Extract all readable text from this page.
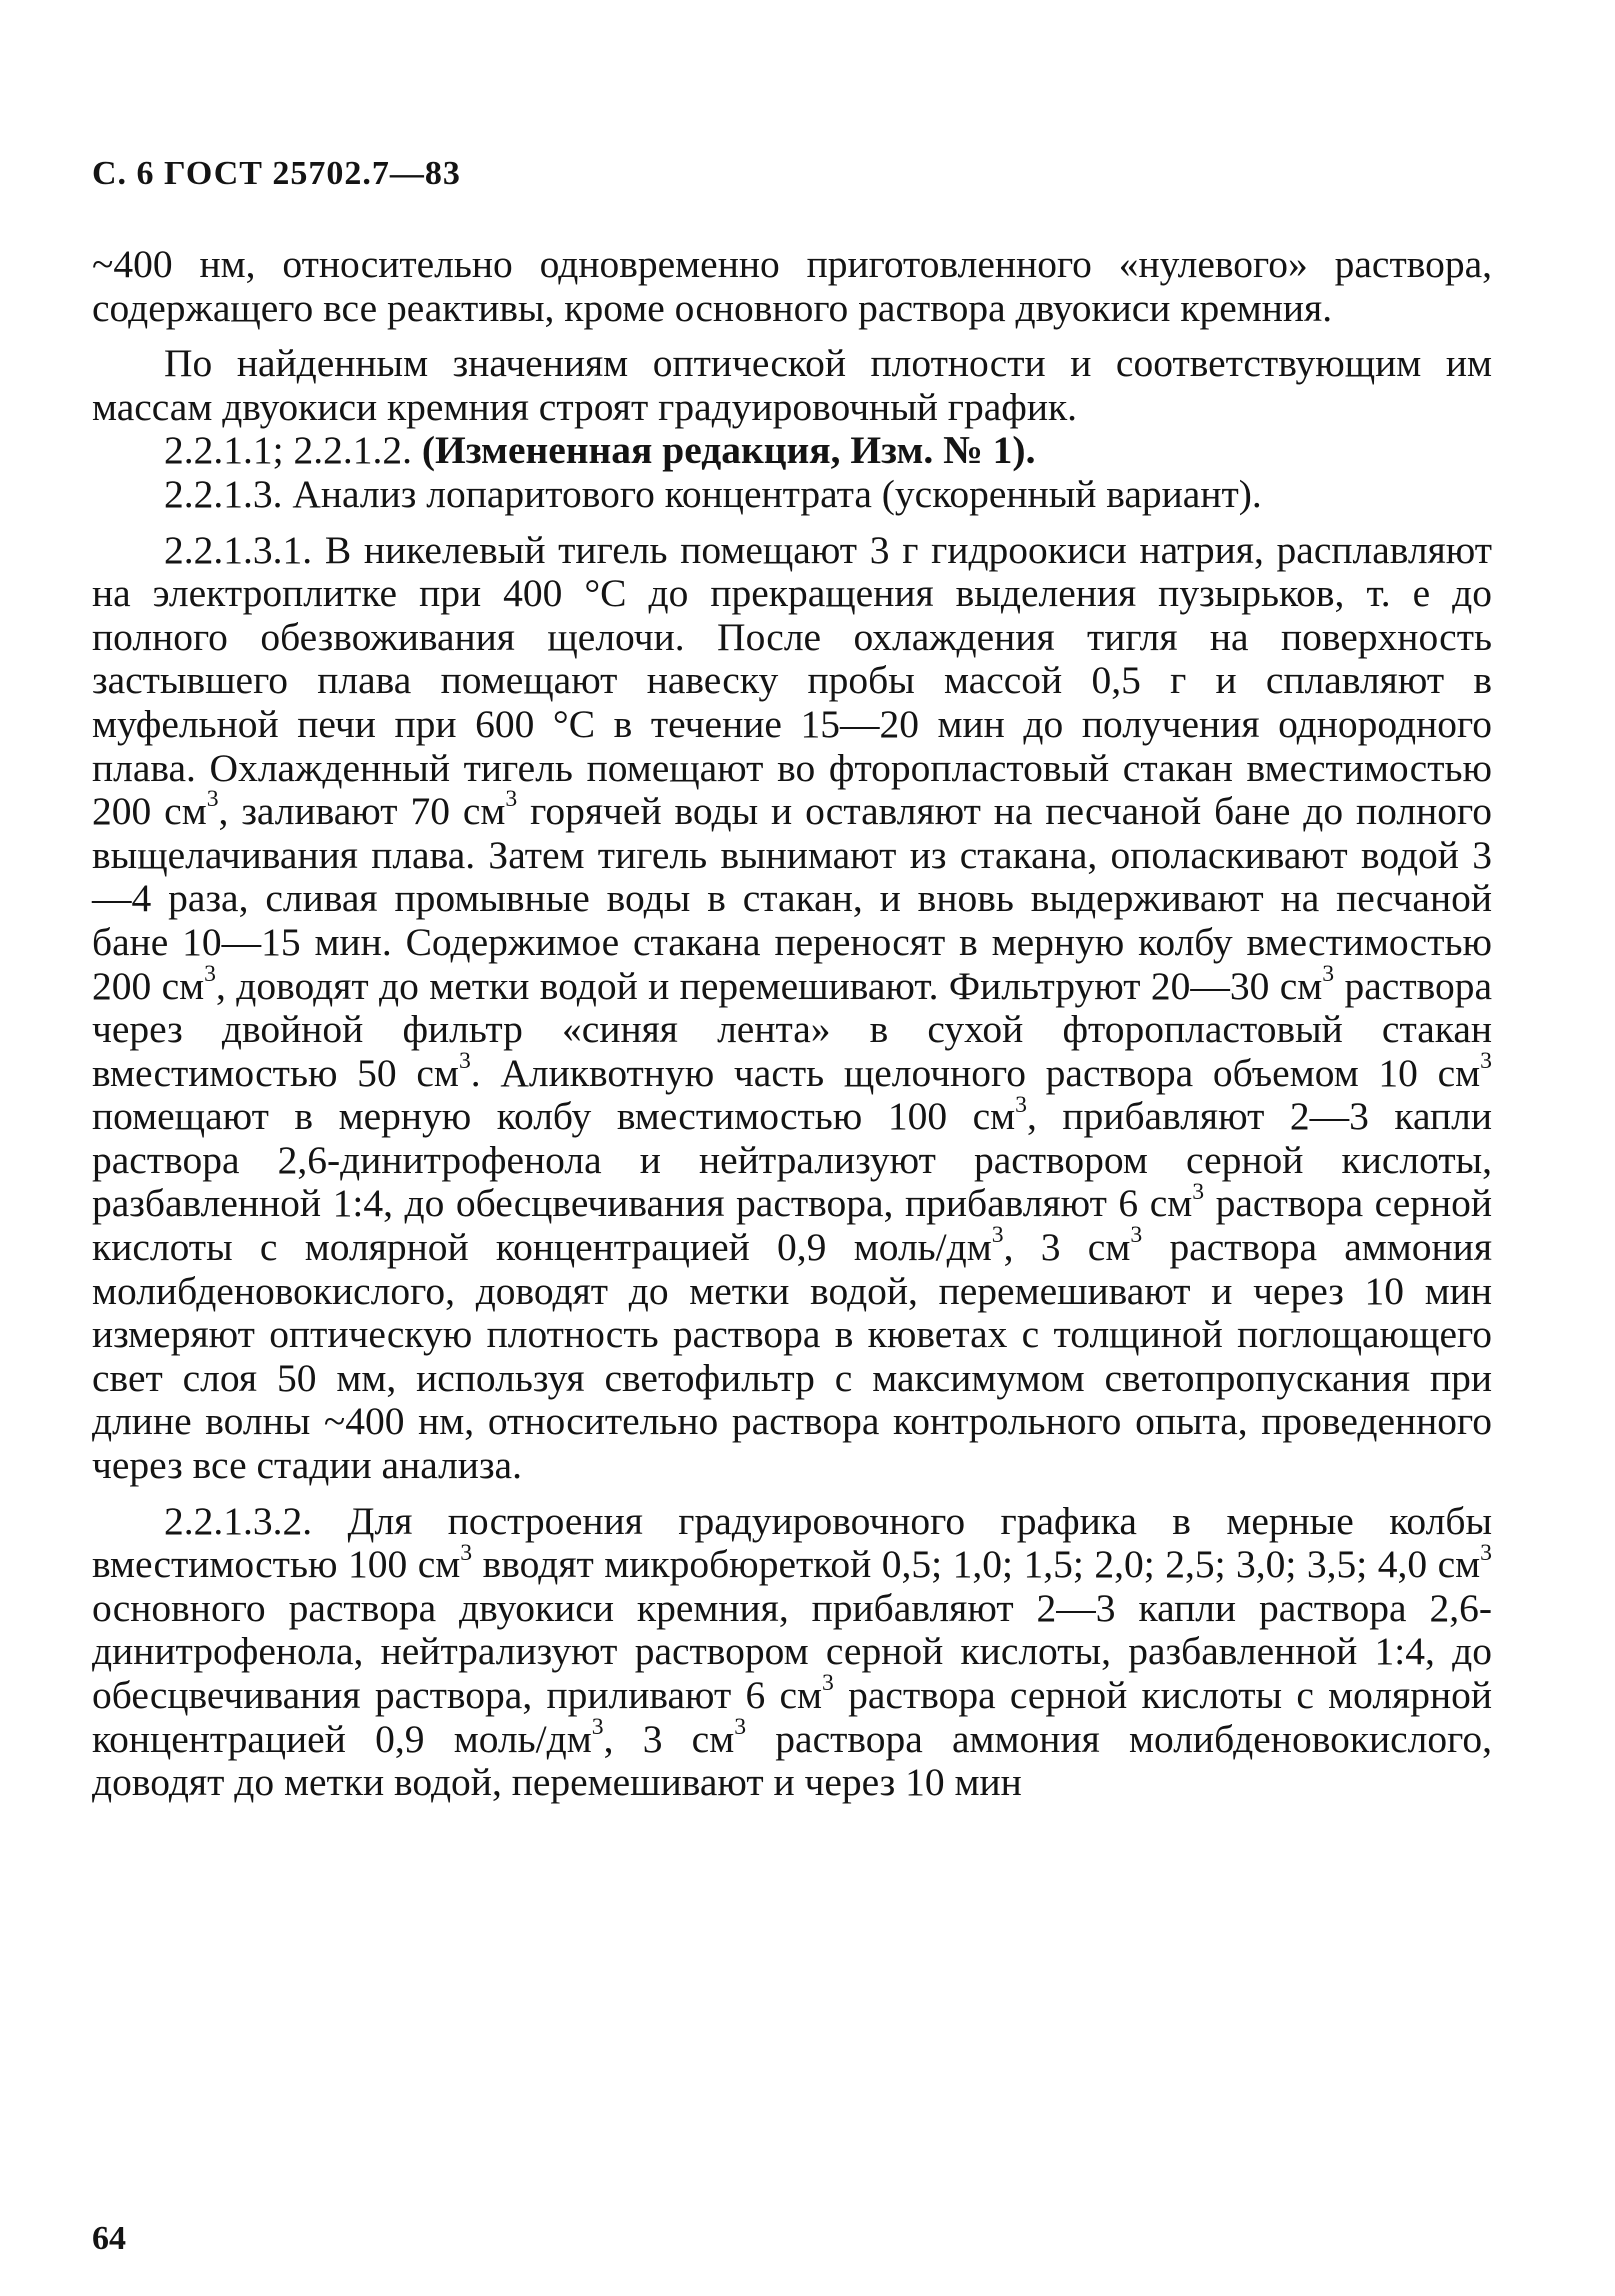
С. 6 ГОСТ 25702.7—83

~400 нм, относительно одновременно приготовленного «нулевого» раствора, содержащего все реактивы, кроме основного раствора двуокиси кремния.

По найденным значениям оптической плотности и соответствующим им массам двуокиси кремния строят градуировочный график.

2.2.1.1; 2.2.1.2. (Измененная редакция, Изм. № 1).

2.2.1.3. Анализ лопаритового концентрата (ускоренный вариант).

2.2.1.3.1. В никелевый тигель помещают 3 г гидроокиси натрия, расплавляют на электроплитке при 400 °С до прекращения выделения пузырьков, т. е до полного обезвоживания щелочи. После охлаждения тигля на поверхность застывшего плава помещают навеску пробы массой 0,5 г и сплавляют в муфельной печи при 600 °С в течение 15—20 мин до получения однородного плава. Охлажденный тигель помещают во фторопластовый стакан вместимостью 200 $см^3$, заливают 70 $см^3$ горячей воды и оставляют на песчаной бане до полного выщелачивания плава. Затем тигель вынимают из стакана, ополаскивают водой 3—4 раза, сливая промывные воды в стакан, и вновь выдерживают на песчаной бане 10—15 мин. Содержимое стакана переносят в мерную колбу вместимостью 200 $см^3$, доводят до метки водой и перемешивают. Фильтруют 20—30 $см^3$ раствора через двойной фильтр «синяя лента» в сухой фторопластовый стакан вместимостью 50 $см^3$. Аликвотную часть щелочного раствора объемом 10 $см^3$ помещают в мерную колбу вместимостью 100 $см^3$, прибавляют 2—3 капли раствора 2,6-динитрофенола и нейтрализуют раствором серной кислоты, разбавленной 1:4, до обесцвечивания раствора, прибавляют 6 $см^3$ раствора серной кислоты с молярной концентрацией 0,9 моль/$дм^3$, 3 $см^3$ раствора аммония молибденовокислого, доводят до метки водой, перемешивают и через 10 мин измеряют оптическую плотность раствора в кюветах с толщиной поглощающего свет слоя 50 мм, используя светофильтр с максимумом светопропускания при длине волны ~400 нм, относительно раствора контрольного опыта, проведенного через все стадии анализа.

2.2.1.3.2. Для построения градуировочного графика в мерные колбы вместимостью 100 $см^3$ вводят микробюреткой 0,5; 1,0; 1,5; 2,0; 2,5; 3,0; 3,5; 4,0 $см^3$ основного раствора двуокиси кремния, прибавляют 2—3 капли раствора 2,6-динитрофенола, нейтрализуют раствором серной кислоты, разбавленной 1:4, до обесцвечивания раствора, приливают 6 $см^3$ раствора серной кислоты с молярной концентрацией 0,9 моль/$дм^3$, 3 $см^3$ раствора аммония молибденовокислого, доводят до метки водой, перемешивают и через 10 мин

64
